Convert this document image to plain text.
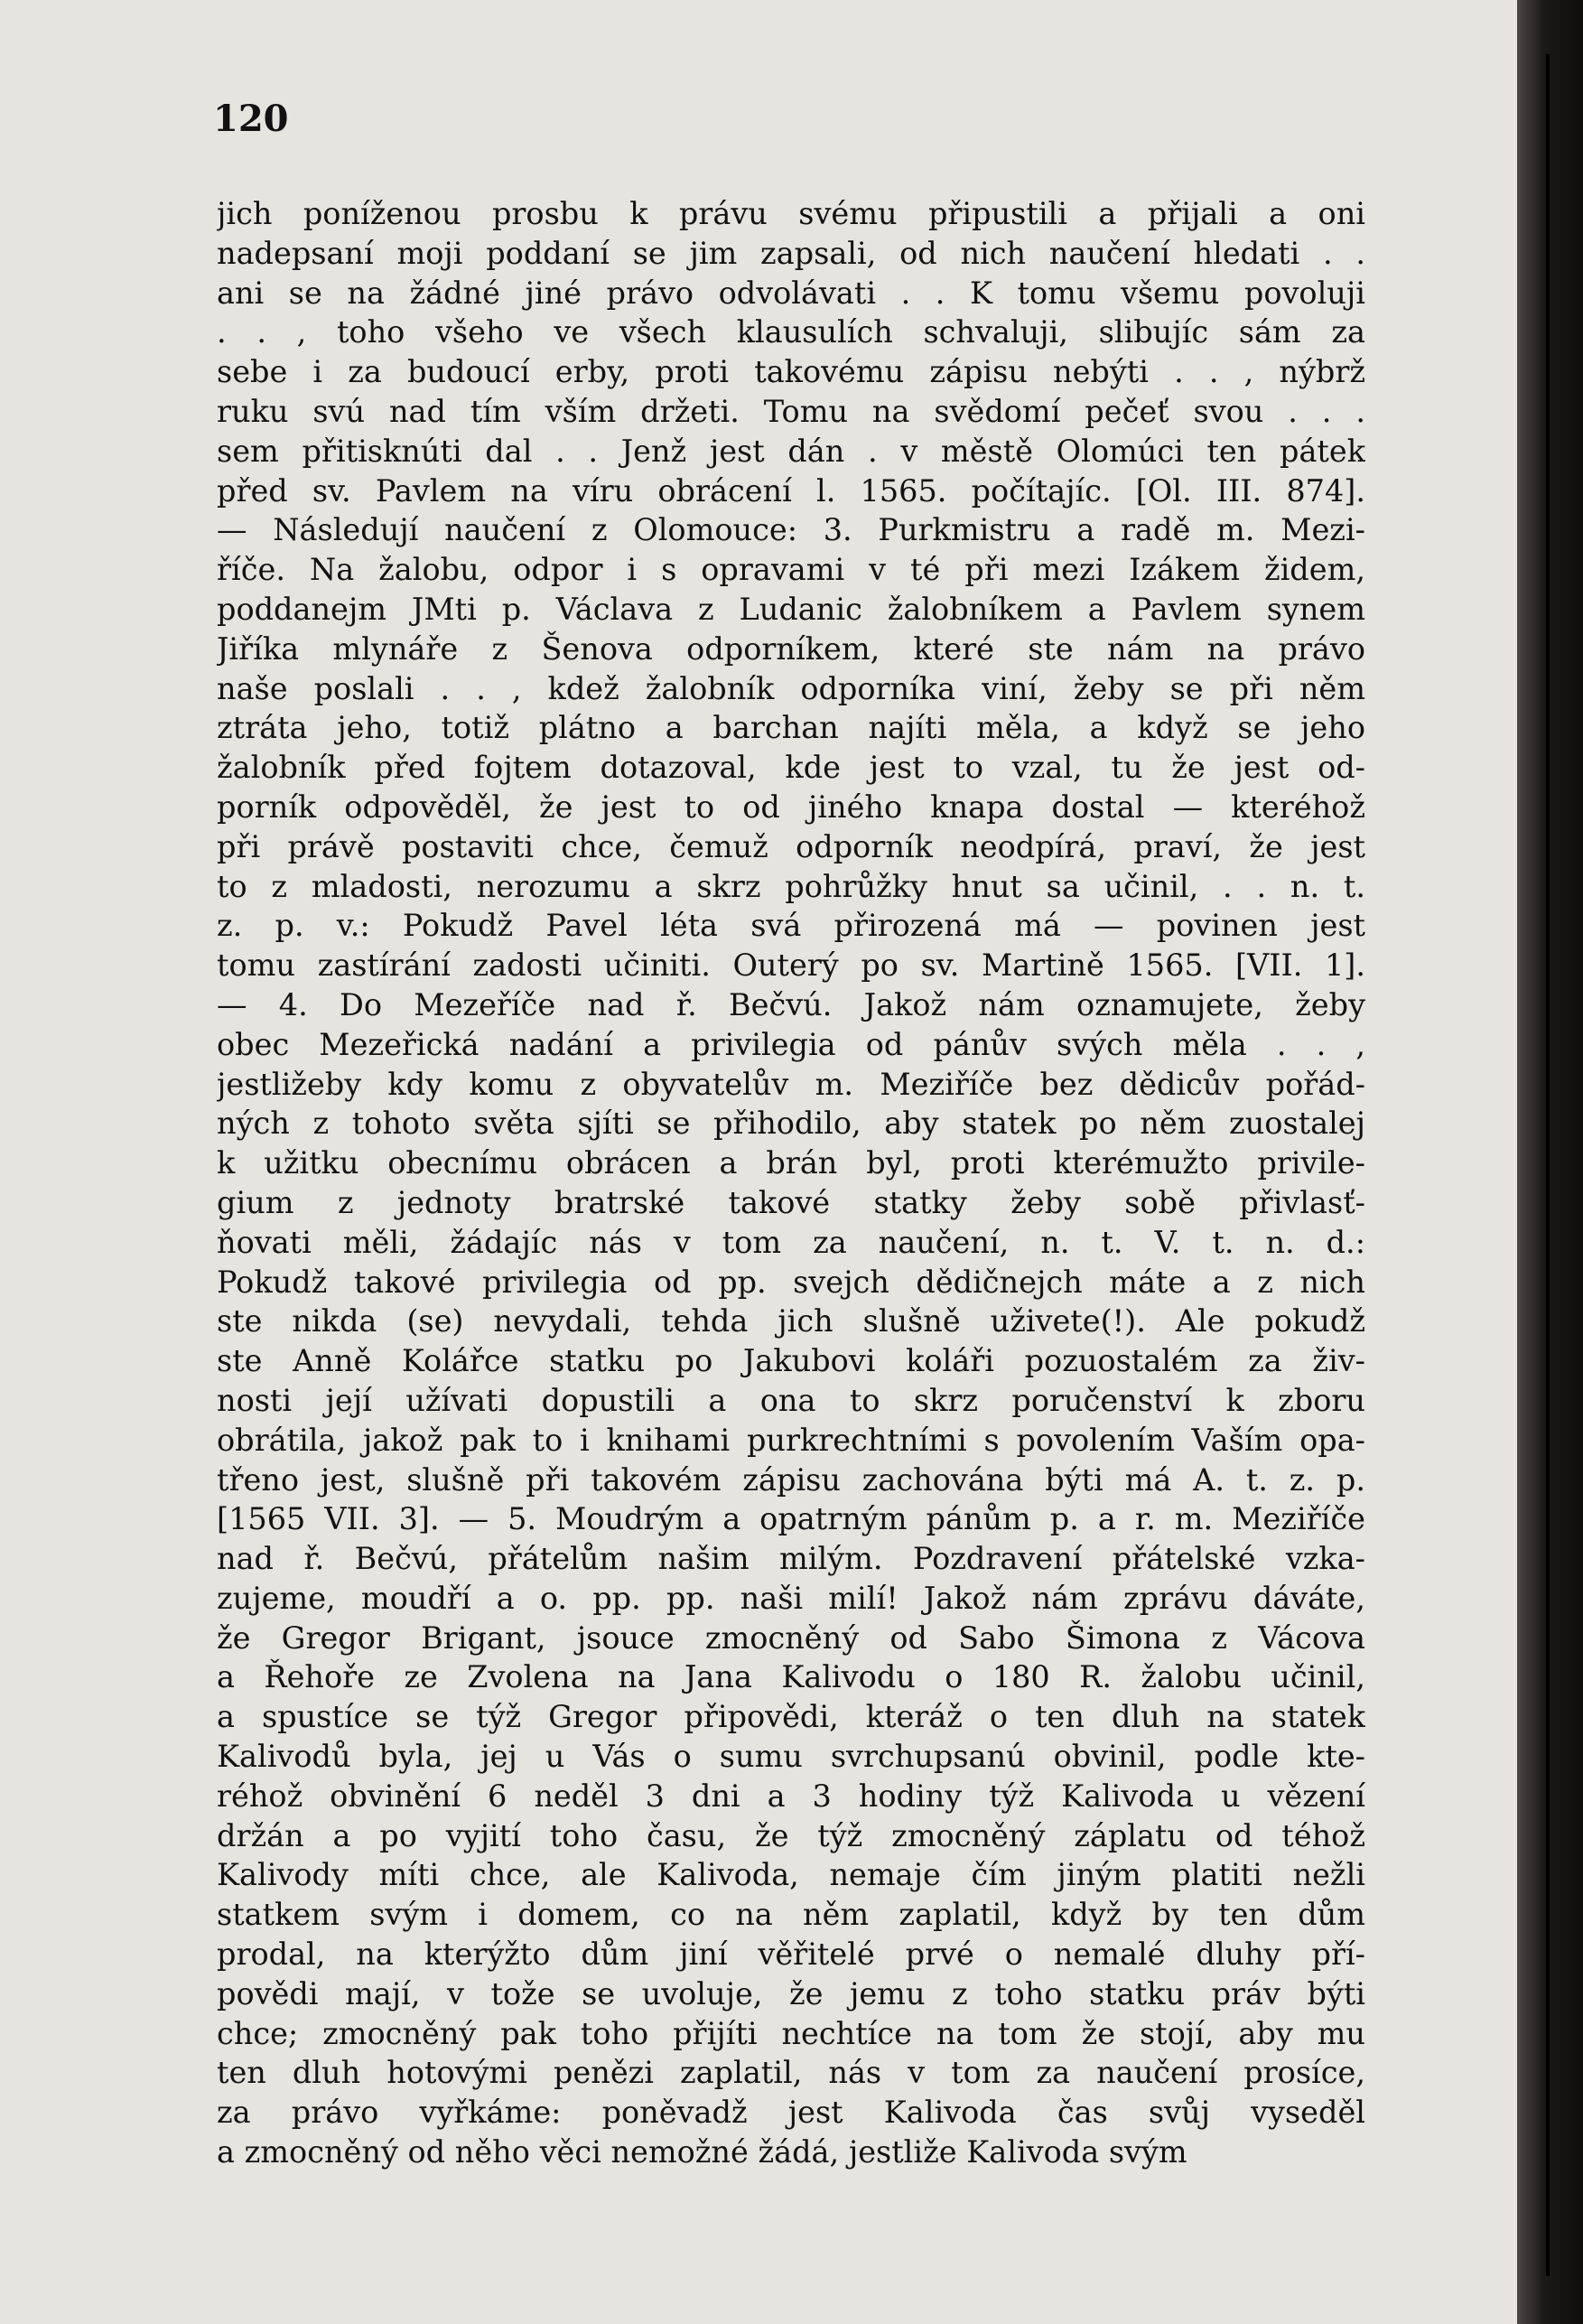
120

jich poníženou prosbu k právu svému připustili a přijali a oni
nadepsaní moji poddaní se jim zapsali, od nich naučení hledati . .
ani se na žádné jiné právo odvolávati . . K tomu všemu povoluji
. . , toho všeho ve všech klausulích schvaluji, slibujíc sám za
sebe i za budoucí erby, proti takovému zápisu nebýti . . , nýbrž
ruku svú nad tím vším držeti. Tomu na svědomí pečeť svou . . .
sem přitisknúti dal . . Jenž jest dán . v městě Olomúci ten pátek
před sv. Pavlem na víru obrácení l. 1565. počítajíc. [Ol. III. 874].
— Následují naučení z Olomouce: 3. Purkmistru a radě m. Mezi-
říče. Na žalobu, odpor i s opravami v té při mezi Izákem židem,
poddanejm JMti p. Václava z Ludanic žalobníkem a Pavlem synem
Jiříka mlynáře z Šenova odporníkem, které ste nám na právo
naše poslali . . , kdež žalobník odporníka viní, žeby se při něm
ztráta jeho, totiž plátno a barchan najíti měla, a když se jeho
žalobník před fojtem dotazoval, kde jest to vzal, tu že jest od-
porník odpověděl, že jest to od jiného knapa dostal — kteréhož
při právě postaviti chce, čemuž odporník neodpírá, praví, že jest
to z mladosti, nerozumu a skrz pohrůžky hnut sa učinil, . . n. t.
z. p. v.: Pokudž Pavel léta svá přirozená má — povinen jest
tomu zastírání zadosti učiniti. Outerý po sv. Martině 1565. [VII. 1].
— 4. Do Mezeříče nad ř. Bečvú. Jakož nám oznamujete, žeby
obec Mezeřická nadání a privilegia od pánův svých měla . . ,
jestližeby kdy komu z obyvatelův m. Meziříče bez dědicův pořád-
ných z tohoto světa sjíti se přihodilo, aby statek po něm zuostalej
k užitku obecnímu obrácen a brán byl, proti kterémužto privile-
gium z jednoty bratrské takové statky žeby sobě přivlasť-
ňovati měli, žádajíc nás v tom za naučení, n. t. V. t. n. d.:
Pokudž takové privilegia od pp. svejch dědičnejch máte a z nich
ste nikda (se) nevydali, tehda jich slušně uživete(!). Ale pokudž
ste Anně Kolářce statku po Jakubovi koláři pozuostalém za živ-
nosti její užívati dopustili a ona to skrz poručenství k zboru
obrátila, jakož pak to i knihami purkrechtními s povolením Vaším opa-
třeno jest, slušně při takovém zápisu zachována býti má A. t. z. p.
[1565 VII. 3]. — 5. Moudrým a opatrným pánům p. a r. m. Meziříče
nad ř. Bečvú, přátelům našim milým. Pozdravení přátelské vzka-
zujeme, moudří a o. pp. pp. naši milí! Jakož nám zprávu dáváte,
že Gregor Brigant, jsouce zmocněný od Sabo Šimona z Vácova
a Řehoře ze Zvolena na Jana Kalivodu o 180 R. žalobu učinil,
a spustíce se týž Gregor připovědi, kteráž o ten dluh na statek
Kalivodů byla, jej u Vás o sumu svrchupsanú obvinil, podle kte-
réhož obvinění 6 neděl 3 dni a 3 hodiny týž Kalivoda u vězení
držán a po vyjití toho času, že týž zmocněný záplatu od téhož
Kalivody míti chce, ale Kalivoda, nemaje čím jiným platiti nežli
statkem svým i domem, co na něm zaplatil, když by ten dům
prodal, na kterýžto dům jiní věřitelé prvé o nemalé dluhy pří-
povědi mají, v tože se uvoluje, že jemu z toho statku práv býti
chce; zmocněný pak toho přijíti nechtíce na tom že stojí, aby mu
ten dluh hotovými penězi zaplatil, nás v tom za naučení prosíce,
za právo vyřkáme: poněvadž jest Kalivoda čas svůj vyseděl
a zmocněný od něho věci nemožné žádá, jestliže Kalivoda svým
